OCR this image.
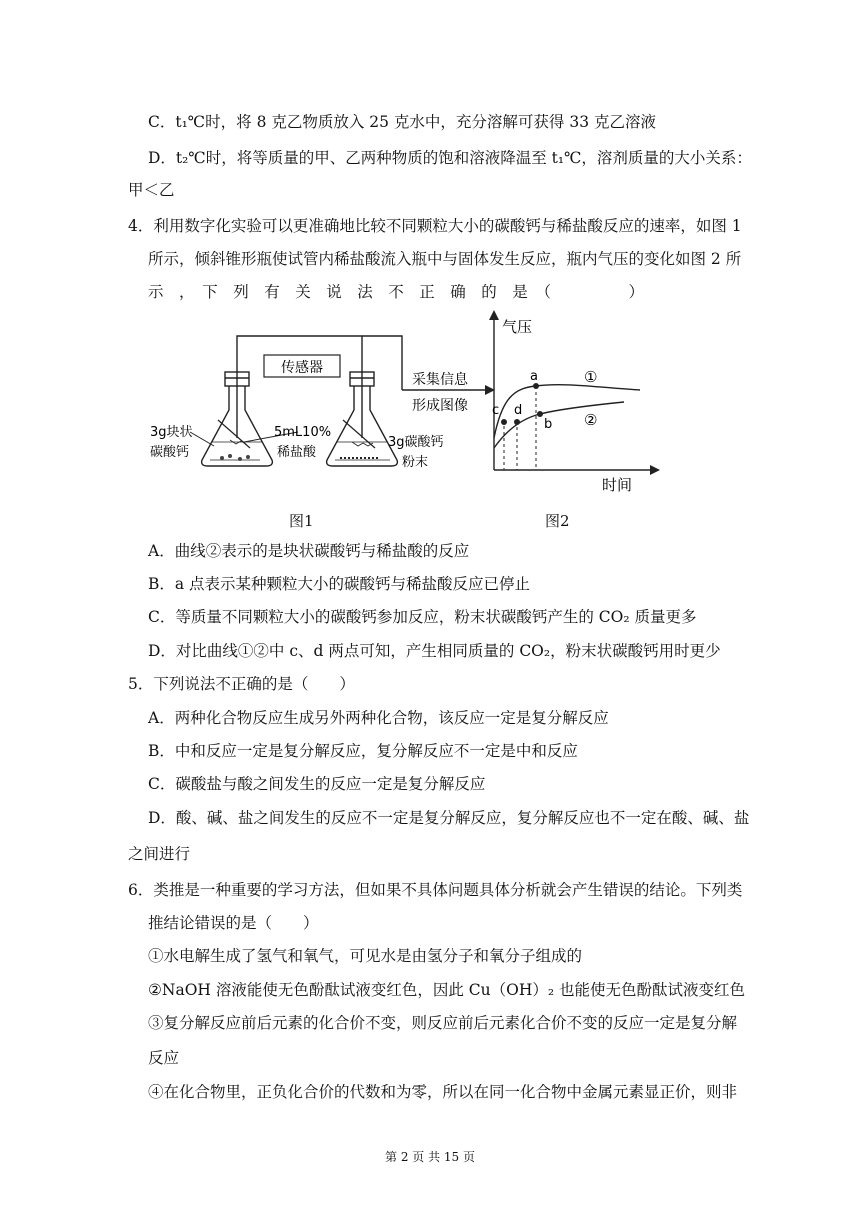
C．t₁℃时，将 8 克乙物质放入 25 克水中，充分溶解可获得 33 克乙溶液
D．t₂℃时，将等质量的甲、乙两种物质的饱和溶液降温至 t₁℃，溶剂质量的大小关系：
甲＜乙
4．利用数字化实验可以更准确地比较不同颗粒大小的碳酸钙与稀盐酸反应的速率，如图 1
所示，倾斜锥形瓶使试管内稀盐酸流入瓶中与固体发生反应，瓶内气压的变化如图 2 所
示　，　下　列　有　关　说　法　不　正　确　的　是　（　　　　　）
传感器
3g块状
碳酸钙
5mL10%
稀盐酸
3g碳酸钙
粉末
采集信息
形成图像
图1
气压
时间
①
②
a
b
c d
图2
A．曲线②表示的是块状碳酸钙与稀盐酸的反应
B．a 点表示某种颗粒大小的碳酸钙与稀盐酸反应已停止
C．等质量不同颗粒大小的碳酸钙参加反应，粉末状碳酸钙产生的 CO₂ 质量更多
D．对比曲线①②中 c、d 两点可知，产生相同质量的 CO₂，粉末状碳酸钙用时更少
5．下列说法不正确的是（　　）
A．两种化合物反应生成另外两种化合物，该反应一定是复分解反应
B．中和反应一定是复分解反应，复分解反应不一定是中和反应
C．碳酸盐与酸之间发生的反应一定是复分解反应
D．酸、碱、盐之间发生的反应不一定是复分解反应，复分解反应也不一定在酸、碱、盐
之间进行
6．类推是一种重要的学习方法，但如果不具体问题具体分析就会产生错误的结论。下列类
推结论错误的是（　　）
①水电解生成了氢气和氧气，可见水是由氢分子和氧分子组成的
②NaOH 溶液能使无色酚酞试液变红色，因此 Cu（OH）₂ 也能使无色酚酞试液变红色
③复分解反应前后元素的化合价不变，则反应前后元素化合价不变的反应一定是复分解
反应
④在化合物里，正负化合价的代数和为零，所以在同一化合物中金属元素显正价，则非
第 2 页 共 15 页
